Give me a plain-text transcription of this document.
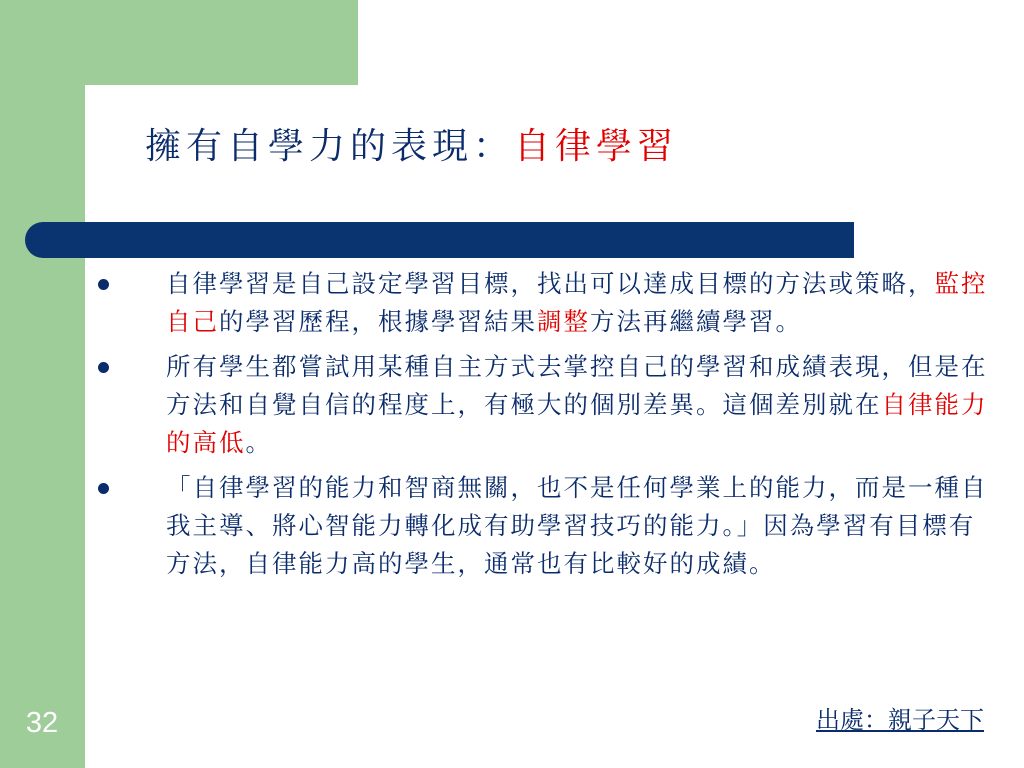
擁有自學力的表現：自律學習
自律學習是自己設定學習目標，找出可以達成目標的方法或策略，監控自己的學習歷程，根據學習結果調整方法再繼續學習。
所有學生都嘗試用某種自主方式去掌控自己的學習和成績表現，但是在方法和自覺自信的程度上，有極大的個別差異。這個差別就在自律能力的高低。
「自律學習的能力和智商無關，也不是任何學業上的能力，而是一種自我主導、將心智能力轉化成有助學習技巧的能力。」因為學習有目標有方法，自律能力高的學生，通常也有比較好的成績。
出處：親子天下
32
